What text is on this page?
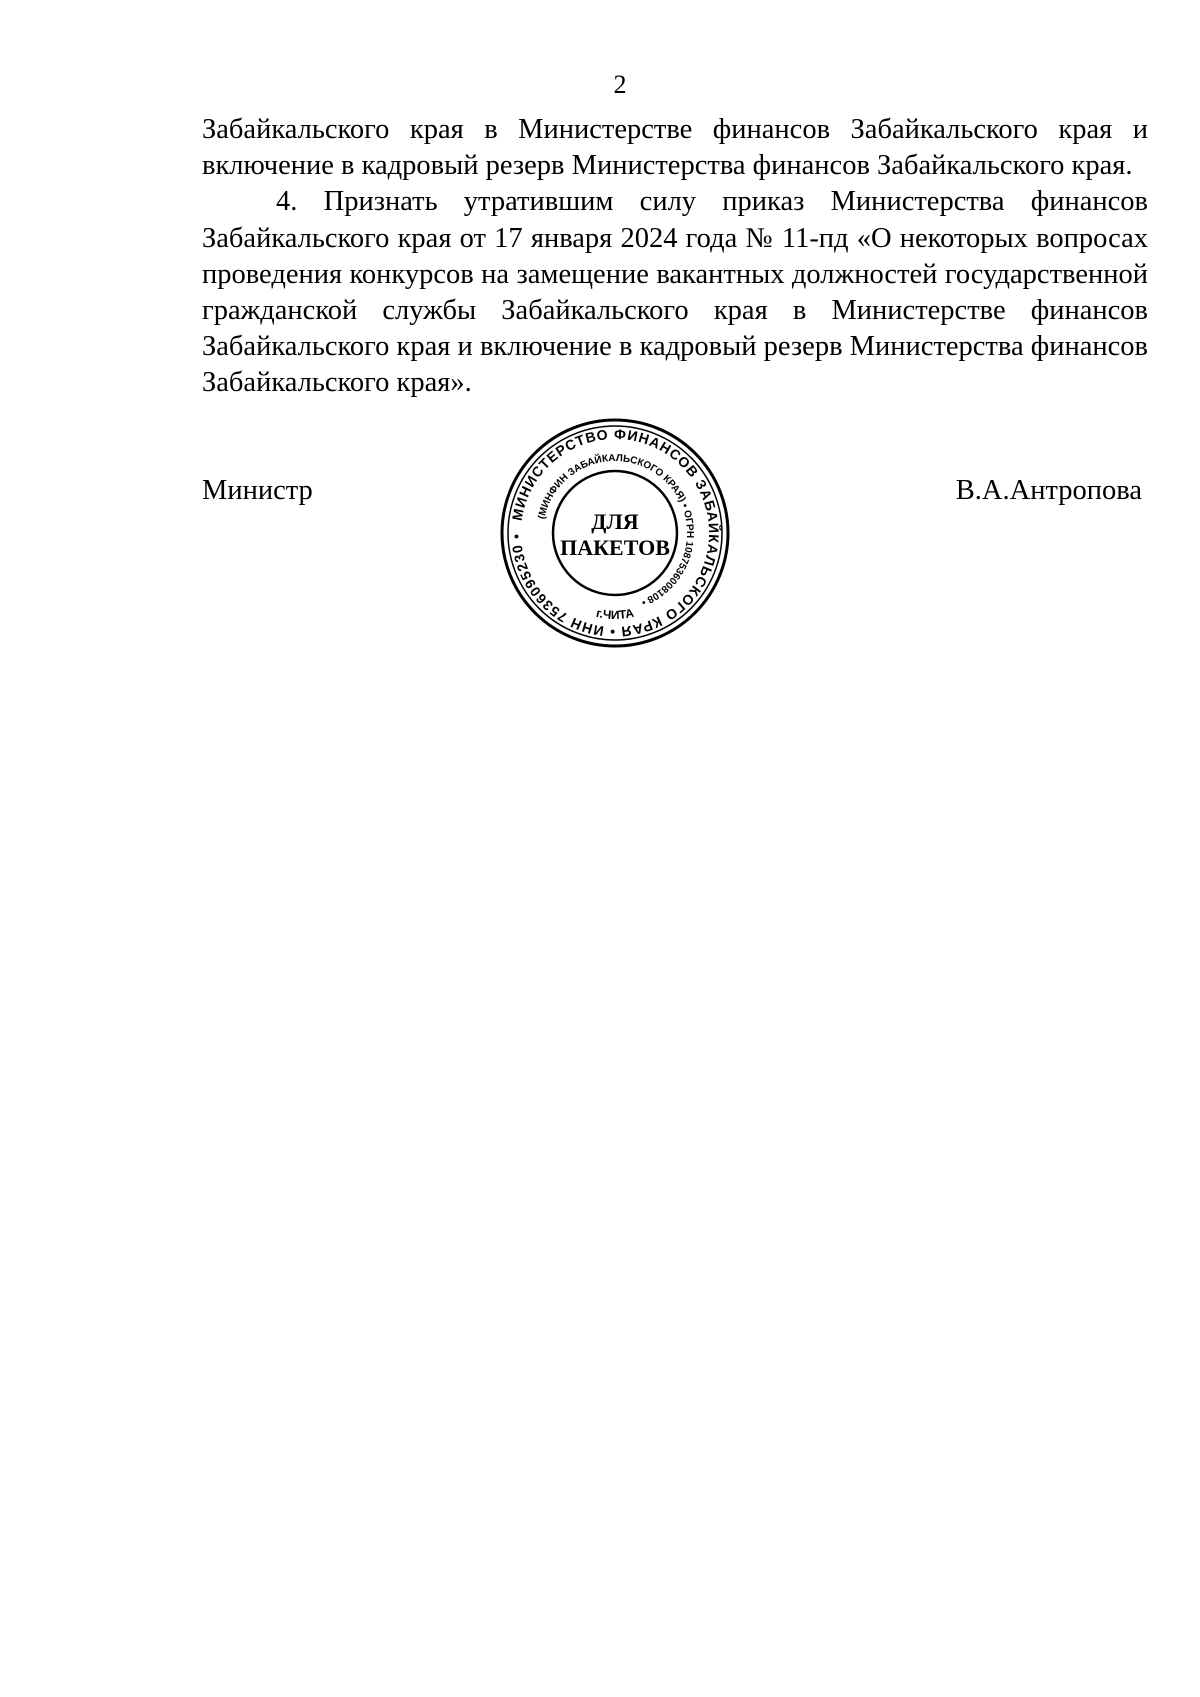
2

Забайкальского края в Министерстве финансов Забайкальского края и включение в кадровый резерв Министерства финансов Забайкальского края.

4. Признать утратившим силу приказ Министерства финансов Забайкальского края от 17 января 2024 года № 11-пд «О некоторых вопросах проведения конкурсов на замещение вакантных должностей государственной гражданской службы Забайкальского края в Министерстве финансов Забайкальского края и включение в кадровый резерв Министерства финансов Забайкальского края».

Министр	В.А.Антропова
МИНИСТЕРСТВО ФИНАНСОВ ЗАБАЙКАЛЬСКОГО КРАЯ • ИНН 7536095230 •
(МИНФИН ЗАБАЙКАЛЬСКОГО КРАЯ) • ОГРН 1087536008108 •
г.ЧИТА
ДЛЯ
ПАКЕТОВ
